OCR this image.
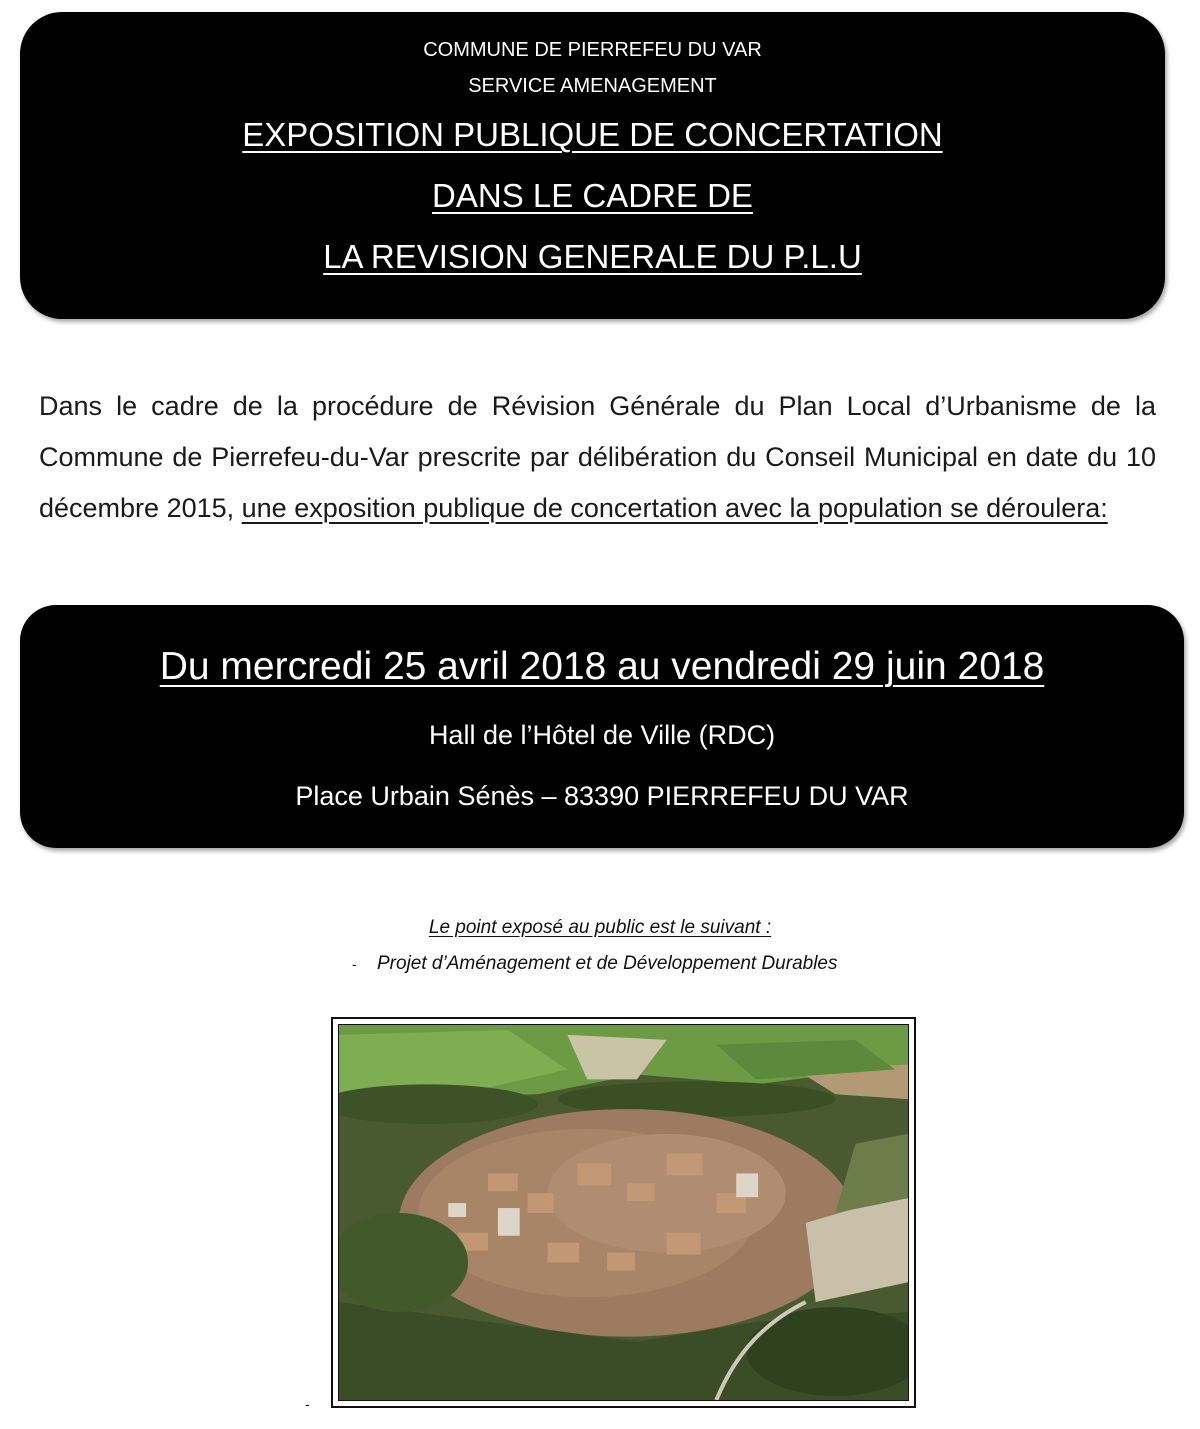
COMMUNE DE PIERREFEU DU VAR
SERVICE AMENAGEMENT
EXPOSITION PUBLIQUE DE CONCERTATION
DANS LE CADRE DE
LA REVISION GENERALE DU P.L.U
Dans le cadre de la procédure de Révision Générale du Plan Local d’Urbanisme de la Commune de Pierrefeu-du-Var prescrite par délibération du Conseil Municipal en date du 10 décembre 2015, une exposition publique de concertation avec la population se déroulera:
Du mercredi 25 avril 2018 au vendredi 29 juin 2018
Hall de l’Hôtel de Ville (RDC)
Place Urbain Sénès – 83390 PIERREFEU DU VAR
Le point exposé au public est le suivant :
- Projet d’Aménagement et de Développement Durables
-
